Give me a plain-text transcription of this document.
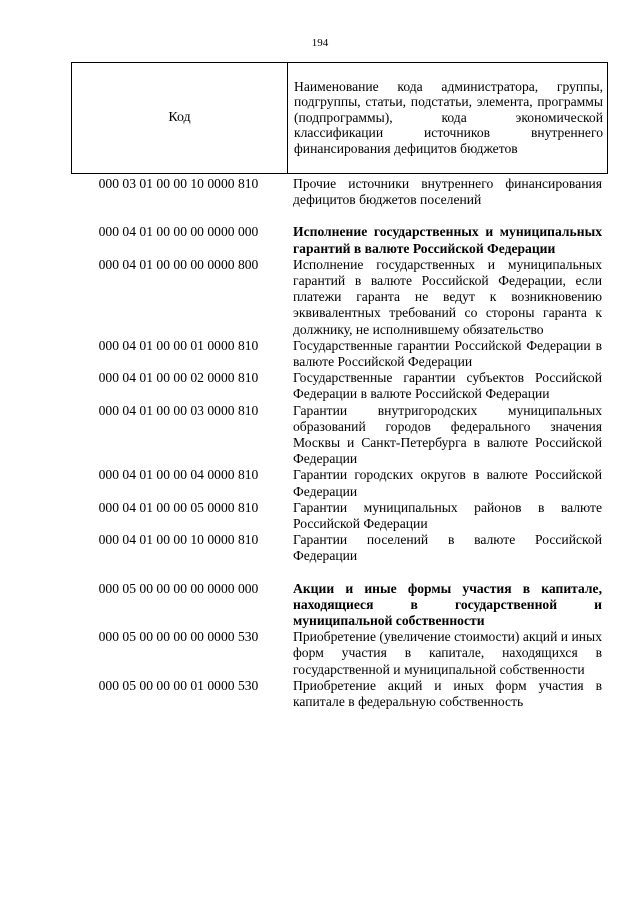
194
Код	Наименование кода администратора, группы, подгруппы, статьи, подстатьи, элемента, программы (подпрограммы), кода экономической классификации источников внутреннего финансирования дефицитов бюджетов
000 03 01 00 00 10 0000 810	Прочие источники внутреннего финансирования дефицитов бюджетов поселений
000 04 01 00 00 00 0000 000	Исполнение государственных и муниципальных гарантий в валюте Российской Федерации
000 04 01 00 00 00 0000 800	Исполнение государственных и муниципальных гарантий в валюте Российской Федерации, если платежи гаранта не ведут к возникновению эквивалентных требований со стороны гаранта к должнику, не исполнившему обязательство
000 04 01 00 00 01 0000 810	Государственные гарантии Российской Федерации в валюте Российской Федерации
000 04 01 00 00 02 0000 810	Государственные гарантии субъектов Российской Федерации в валюте Российской Федерации
000 04 01 00 00 03 0000 810	Гарантии внутригородских муниципальных образований городов федерального значения Москвы и Санкт-Петербурга в валюте Российской Федерации
000 04 01 00 00 04 0000 810	Гарантии городских округов в валюте Российской Федерации
000 04 01 00 00 05 0000 810	Гарантии муниципальных районов в валюте Российской Федерации
000 04 01 00 00 10 0000 810	Гарантии поселений в валюте Российской Федерации
000 05 00 00 00 00 0000 000	Акции и иные формы участия в капитале, находящиеся в государственной и муниципальной собственности
000 05 00 00 00 00 0000 530	Приобретение (увеличение стоимости) акций и иных форм участия в капитале, находящихся в государственной и муниципальной собственности
000 05 00 00 00 01 0000 530	Приобретение акций и иных форм участия в капитале в федеральную собственность
